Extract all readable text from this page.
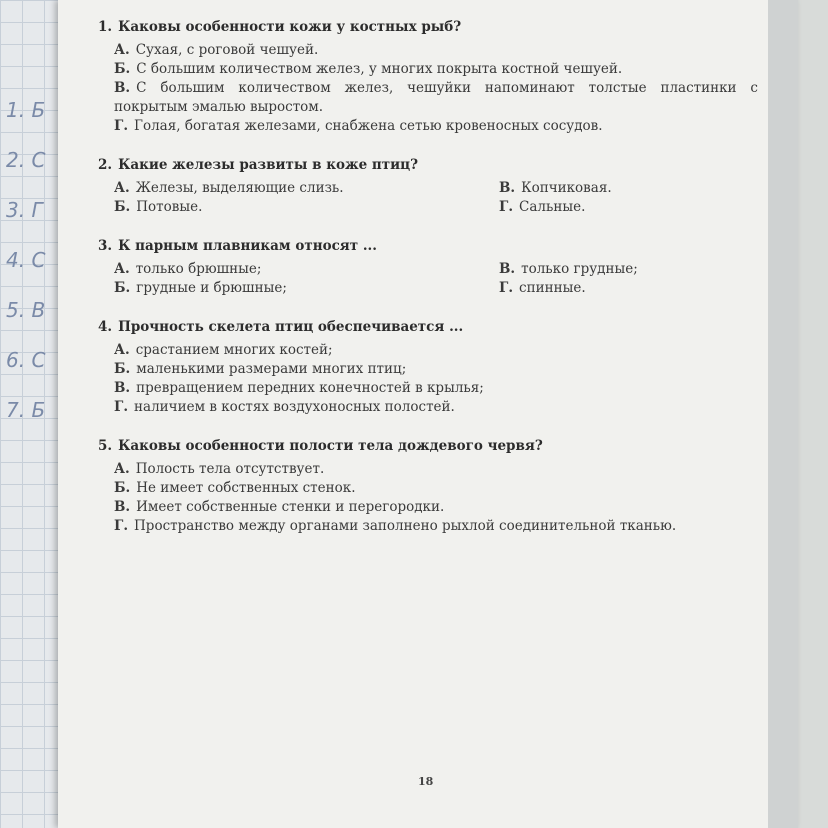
1. Б
2. С
3. Г
4. С
5. В
6. С
7. Б
1. Каковы особенности кожи у костных рыб?
А. Сухая, с роговой чешуей.
Б. С большим количеством желез, у многих покрыта костной чешуей.
В. С большим количеством желез, чешуйки напоминают толстые пластинки с покрытым эмалью выростом.
Г. Голая, богатая железами, снабжена сетью кровеносных сосудов.
2. Какие железы развиты в коже птиц?
А. Железы, выделяющие слизь.
Б. Потовые.
В. Копчиковая.
Г. Сальные.
3. К парным плавникам относят ...
А. только брюшные;
Б. грудные и брюшные;
В. только грудные;
Г. спинные.
4. Прочность скелета птиц обеспечивается ...
А. срастанием многих костей;
Б. маленькими размерами многих птиц;
В. превращением передних конечностей в крылья;
Г. наличием в костях воздухоносных полостей.
5. Каковы особенности полости тела дождевого червя?
А. Полость тела отсутствует.
Б. Не имеет собственных стенок.
В. Имеет собственные стенки и перегородки.
Г. Пространство между органами заполнено рыхлой соединительной тканью.
18
